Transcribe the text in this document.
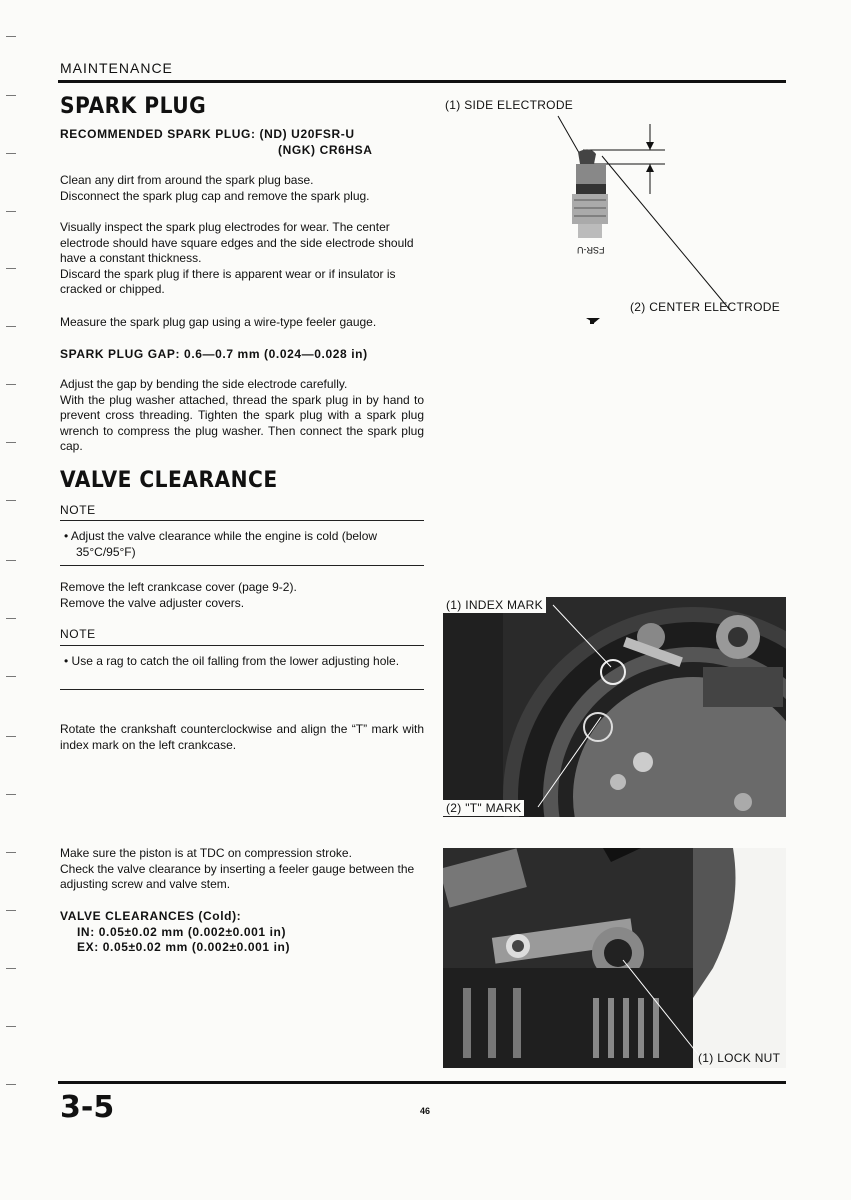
MAINTENANCE
SPARK PLUG
RECOMMENDED SPARK PLUG: (ND) U20FSR-U
(NGK) CR6HSA
Clean any dirt from around the spark plug base.
Disconnect the spark plug cap and remove the spark plug.
Visually inspect the spark plug electrodes for wear. The center electrode should have square edges and the side electrode should have a constant thickness.
Discard the spark plug if there is apparent wear or if insulator is cracked or chipped.
Measure the spark plug gap using a wire-type feeler gauge.
SPARK PLUG GAP: 0.6—0.7 mm (0.024—0.028 in)
Adjust the gap by bending the side electrode carefully.
With the plug washer attached, thread the spark plug in by hand to prevent cross threading. Tighten the spark plug with a spark plug wrench to compress the plug washer. Then connect the spark plug cap.
(1) SIDE ELECTRODE
FSR-U
(2) CENTER ELECTRODE
VALVE CLEARANCE
NOTE
• Adjust the valve clearance while the engine is cold (below 35°C/95°F)
Remove the left crankcase cover (page 9-2).
Remove the valve adjuster covers.
NOTE
• Use a rag to catch the oil falling from the lower adjusting hole.
Rotate the crankshaft counterclockwise and align the “T” mark with index mark on the left crankcase.
Make sure the piston is at TDC on compression stroke.
Check the valve clearance by inserting a feeler gauge between the adjusting screw and valve stem.
VALVE CLEARANCES (Cold):
IN: 0.05±0.02 mm (0.002±0.001 in)
EX: 0.05±0.02 mm (0.002±0.001 in)
(1) INDEX MARK
(2) "T" MARK
(1) LOCK NUT
3-5	46
